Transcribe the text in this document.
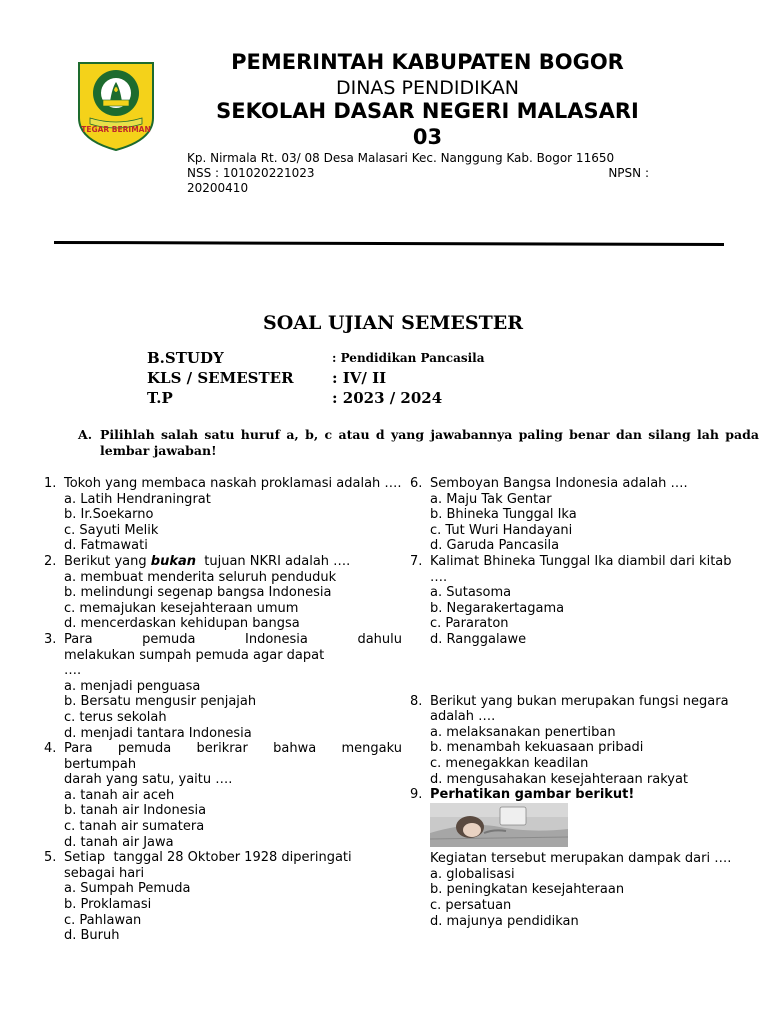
TEGAR BERIMAN
PEMERINTAH KABUPATEN BOGOR
DINAS PENDIDIKAN
SEKOLAH DASAR NEGERI MALASARI
03
Kp. Nirmala Rt. 03/ 08 Desa Malasari Kec. Nanggung Kab. Bogor 11650
NSS : 101020221023	NPSN :
20200410
SOAL UJIAN SEMESTER
B.STUDY	: Pendidikan Pancasila
KLS / SEMESTER	: IV/ II
T.P	: 2023 / 2024
A. Pilihlah salah satu huruf a, b, c atau d yang jawabannya paling benar dan silang lah pada lembar jawaban!
1. Tokoh yang membaca naskah proklamasi adalah ….
a. Latih Hendraningrat
b. Ir.Soekarno
c. Sayuti Melik
d. Fatmawati
2. Berikut yang bukan  tujuan NKRI adalah ….
a. membuat menderita seluruh penduduk
b. melindungi segenap bangsa Indonesia
c. memajukan kesejahteraan umum
d. mencerdaskan kehidupan bangsa
3. Para pemuda Indonesia dahulu
melakukan sumpah pemuda agar dapat
….
a. menjadi penguasa
b. Bersatu mengusir penjajah
c. terus sekolah
d. menjadi tantara Indonesia
4. Para pemuda berikrar bahwa mengaku
bertumpah
darah yang satu, yaitu ….
a. tanah air aceh
b. tanah air Indonesia
c. tanah air sumatera
d. tanah air Jawa
5. Setiap  tanggal 28 Oktober 1928 diperingati
sebagai hari
a. Sumpah Pemuda
b. Proklamasi
c. Pahlawan
d. Buruh
6. Semboyan Bangsa Indonesia adalah ….
a. Maju Tak Gentar
b. Bhineka Tunggal Ika
c. Tut Wuri Handayani
d. Garuda Pancasila
7. Kalimat Bhineka Tunggal Ika diambil dari kitab
….
a. Sutasoma
b. Negarakertagama
c. Pararaton
d. Ranggalawe
8. Berikut yang bukan merupakan fungsi negara
adalah ….
a. melaksanakan penertiban
b. menambah kekuasaan pribadi
c. menegakkan keadilan
d. mengusahakan kesejahteraan rakyat
9. Perhatikan gambar berikut!
Kegiatan tersebut merupakan dampak dari ….
a. globalisasi
b. peningkatan kesejahteraan
c. persatuan
d. majunya pendidikan
